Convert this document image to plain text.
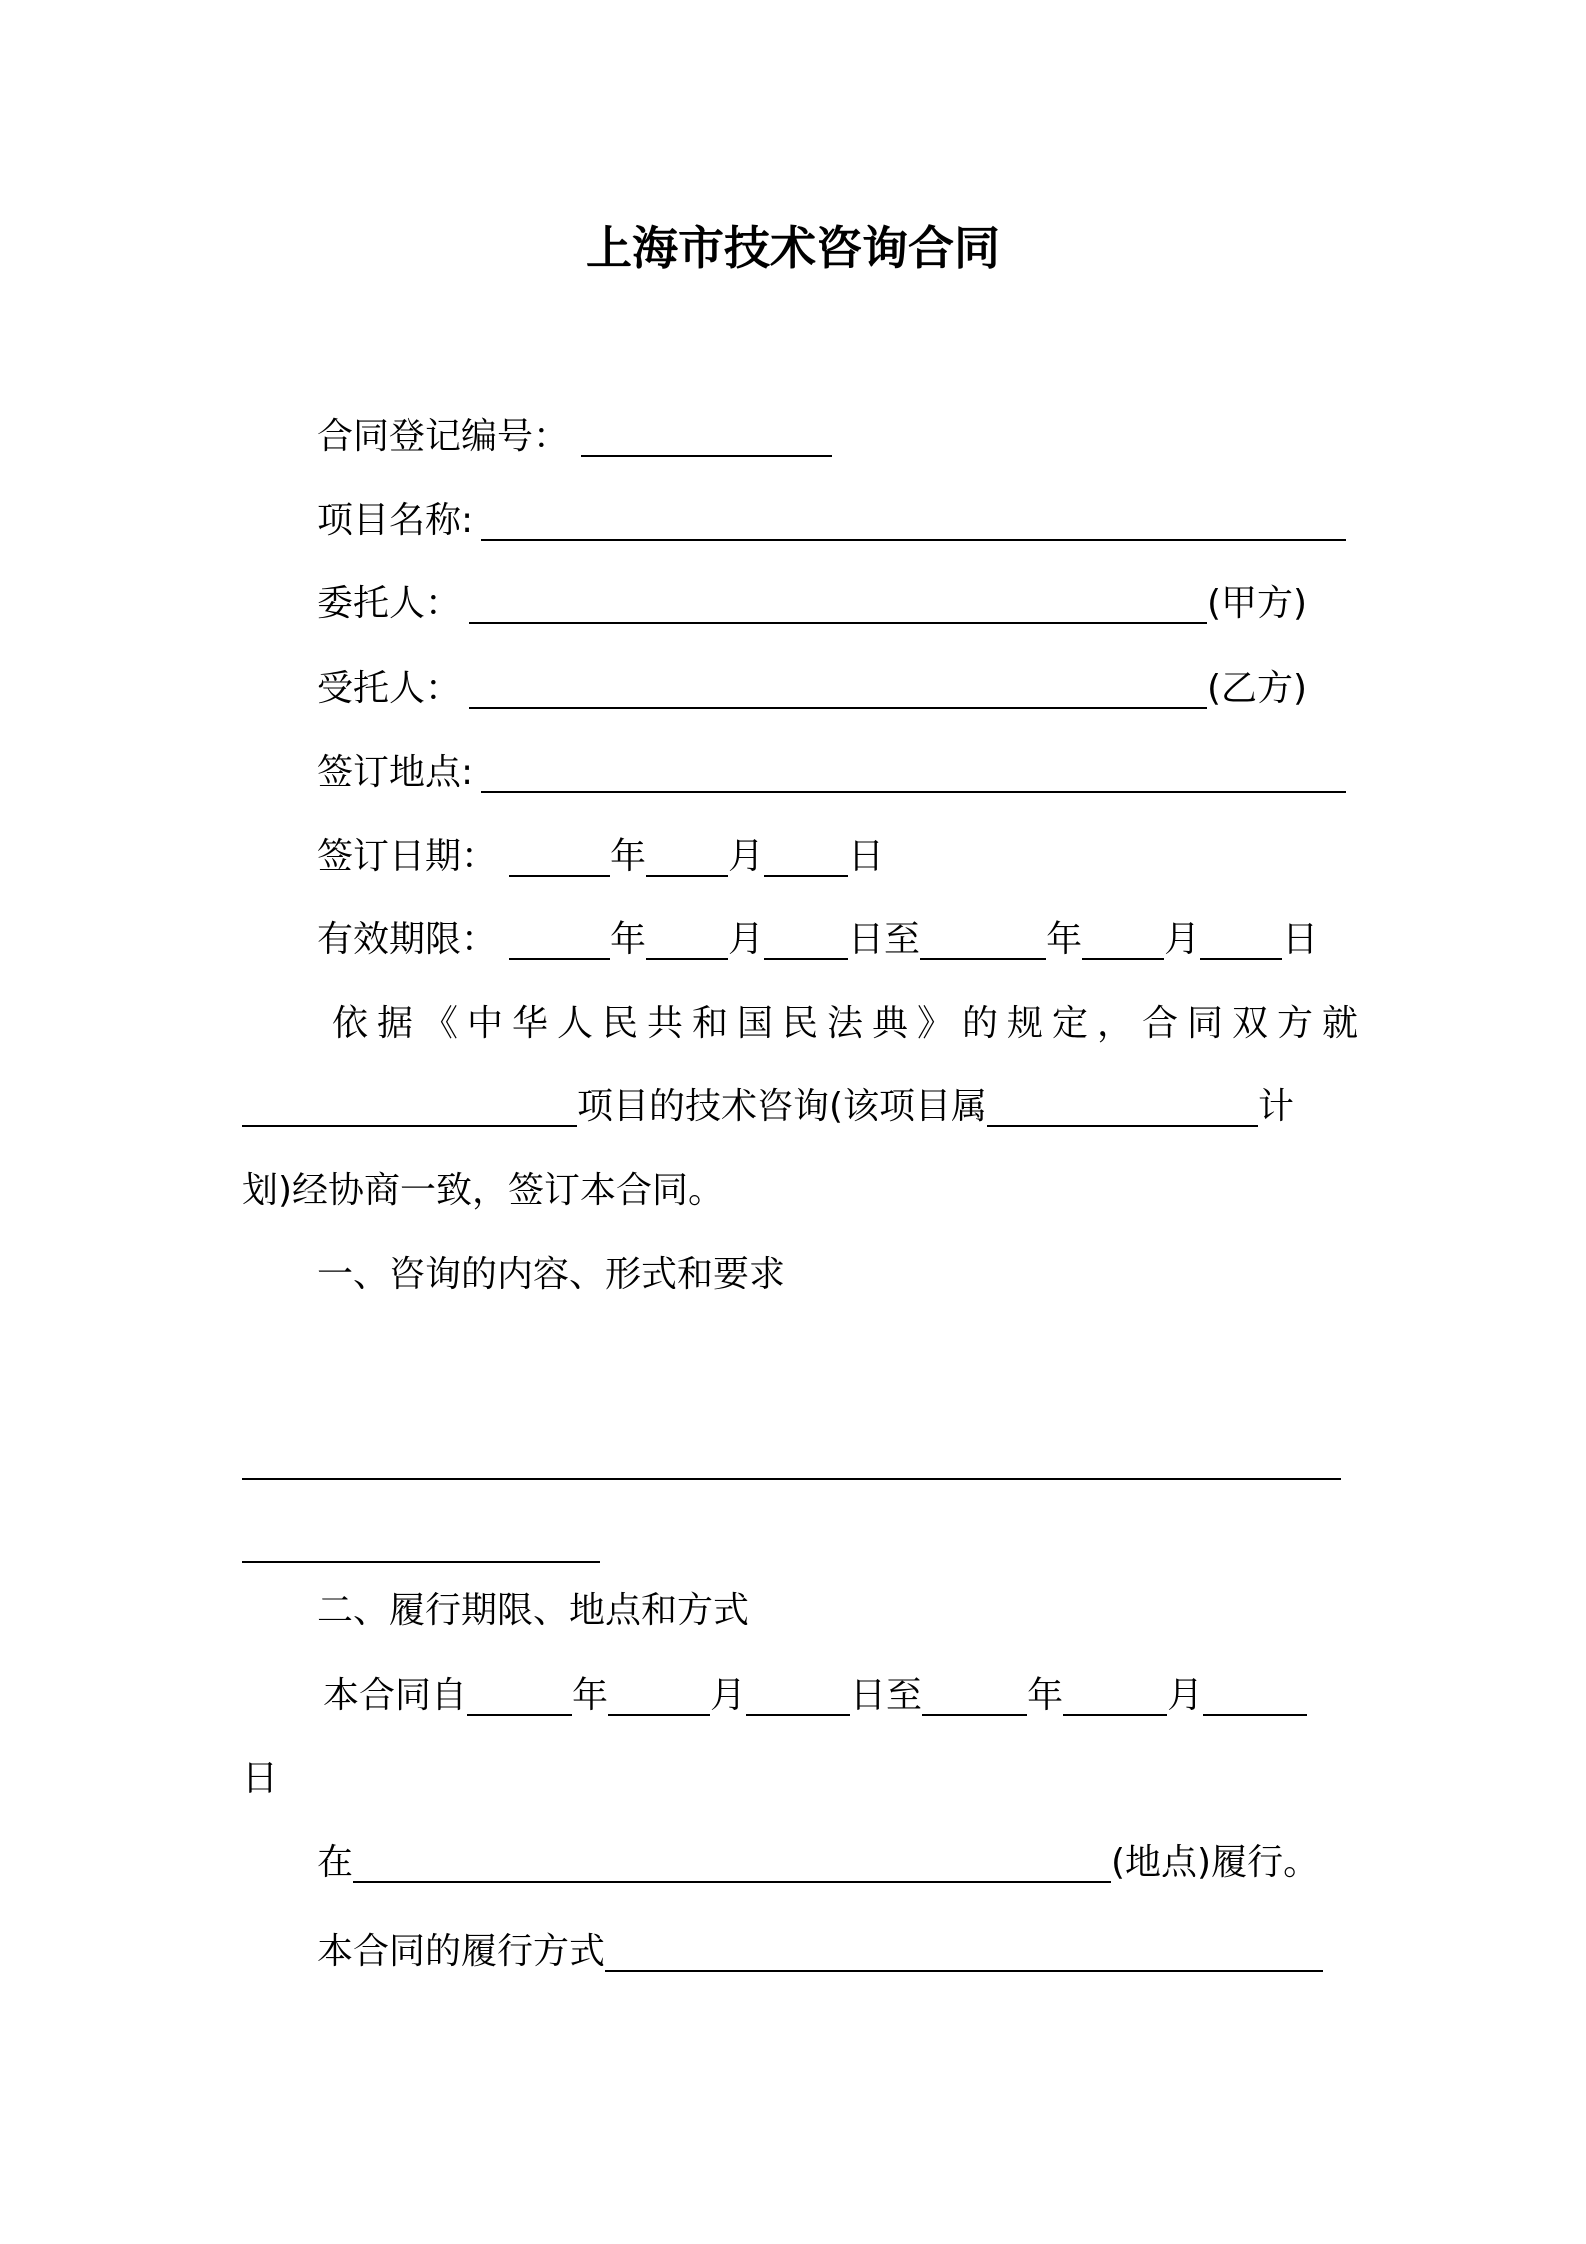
上海市技术咨询合同
合同登记编号：
项目名称:
委托人：	(甲方)
受托人：	(乙方)
签订地点:
签订日期：	年 月 日
有效期限：	年 月 日至	年 月 日
依据《中华人民共和国民法典》的规定，合同双方就
项目的技术咨询(该项目属	计
划)经协商一致，签订本合同。
一、咨询的内容、形式和要求
二、履行期限、地点和方式
本合同自	年	月	日至	年	月
日
在	(地点)履行。
本合同的履行方式
